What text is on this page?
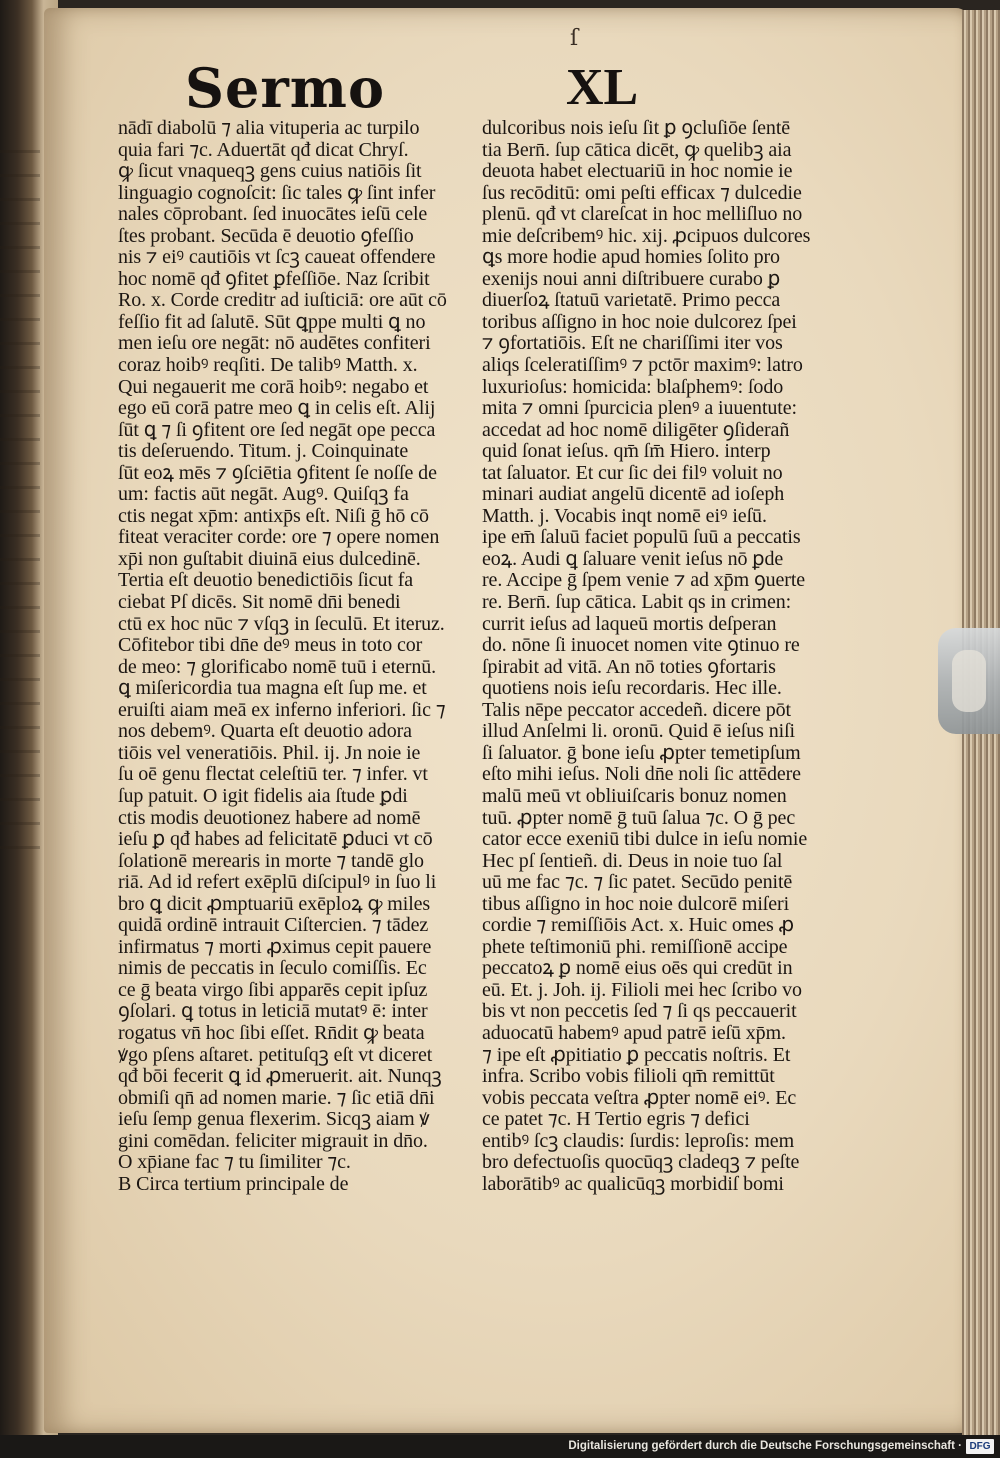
ſ
Sermo	XL
nādī diabolū ⁊ alia vituperia ac turpilo
quia fari ⁊c. Aduertāt qđ dicat Chryſ.
ꝙ ſicut vnaqueqꝫ gens cuius natiōis ſit
linguagio cognoſcit: ſic tales ꝙ ſint infer
nales cōprobant. ſed inuocātes ieſū cele
ſtes probant. Secūda ē deuotio ꝯfeſſio
nis ⁊ eiꝰ cautiōis vt ſcꝫ caueat offendere
hoc nomē qđ ꝯfitet ꝑfeſſiōe. Naz ſcribit
Ro. x. Corde creditr ad iuſticiā: ore aūt cō
feſſio fit ad ſalutē. Sūt ꝗppe multi ꝗ no
men ieſu ore negāt: nō audētes confiteri
coraz hoibꝰ reqſiti. De talibꝰ Matth. x.
Qui negauerit me corā hoibꝰ: negabo et
ego eū corā patre meo ꝗ in celis eſt. Alij
ſūt ꝗ ⁊ ſi ꝯfitent ore ſed negāt ope pecca
tis deſeruendo. Titum. j. Coinquinate
ſūt eoꝝ mēs ⁊ ꝯſciētia ꝯfitent ſe noſſe de
um: factis aūt negāt. Augꝰ. Quiſqꝫ fa
ctis negat xp̄m: antixp̄s eſt. Niſi ḡ hō cō
fiteat veraciter corde: ore ⁊ opere nomen
xp̄i non guſtabit diuinā eius dulcedinē.
Tertia eſt deuotio benedictiōis ſicut fa
ciebat Pſ dicēs. Sit nomē dn̄i benedi
ctū ex hoc nūc ⁊ vſqꝫ in ſeculū. Et iteruz.
Cōfitebor tibi dn̄e deꝰ meus in toto cor
de meo: ⁊ glorificabo nomē tuū i eternū.
ꝗ miſericordia tua magna eſt ſup me. et
eruiſti aiam meā ex inferno inferiori. ſic ⁊
nos debemꝰ. Quarta eſt deuotio adora
tiōis vel veneratiōis. Phil. ij. Jn noie ie
ſu oē genu flectat celeſtiū ter. ⁊ infer. vt
ſup patuit. O igit fidelis aia ſtude ꝑdi
ctis modis deuotionez habere ad nomē
ieſu ꝑ qđ habes ad felicitatē ꝑduci vt cō
ſolationē merearis in morte ⁊ tandē glo
riā. Ad id refert exēplū diſcipulꝰ in ſuo li
bro ꝗ dicit ꝓmptuariū exēploꝝ ꝙ miles
quidā ordinē intrauit Ciſtercien. ⁊ tādez
infirmatus ⁊ morti ꝓximus cepit pauere
nimis de peccatis in ſeculo comiſſis. Ec
ce ḡ beata virgo ſibi apparēs cepit ipſuz
ꝯſolari. ꝗ totus in leticiā mutatꝰ ē: inter
rogatus vn̄ hoc ſibi eſſet. Rn̄dit ꝙ beata
ꝟgo pſens aſtaret. petituſqꝫ eſt vt diceret
qđ bōi fecerit ꝗ id ꝓmeruerit. ait. Nunqꝫ
obmiſi qn̄ ad nomen marie. ⁊ ſic etiā dn̄i
ieſu ſemp genua flexerim. Sicqꝫ aiam ꝟ
gini comēdan. feliciter migrauit in dn̄o.
O xp̄iane fac ⁊ tu ſimiliter ⁊c.
B Circa tertium principale de
dulcoribus nois ieſu ſit ꝑ ꝯcluſiōe ſentē
tia Bern̄. ſup cātica dicēt, ꝙ quelibꝫ aia
deuota habet electuariū in hoc nomie ie
ſus recōditū: omi peſti efficax ⁊ dulcedie
plenū. qđ vt clareſcat in hoc melliſluo no
mie deſcribemꝰ hic. xij. ꝓcipuos dulcores
ꝗs more hodie apud homies ſolito pro
exenijs noui anni diſtribuere curabo ꝑ
diuerſoꝝ ſtatuū varietatē. Primo pecca
toribus aſſigno in hoc noie dulcorez ſpei
⁊ ꝯfortatiōis. Eſt ne chariſſimi iter vos
aliqs ſceleratiſſimꝰ ⁊ pctōr maximꝰ: latro
luxurioſus: homicida: blaſphemꝰ: ſodo
mita ⁊ omni ſpurcicia plenꝰ a iuuentute:
accedat ad hoc nomē diligēter ꝯſiderañ
quid ſonat ieſus. qm̄ ſm̄ Hiero. interp
tat ſaluator. Et cur ſic dei filꝰ voluit no
minari audiat angelū dicentē ad ioſeph
Matth. j. Vocabis inqt nomē eiꝰ ieſū.
ipe em̄ ſaluū faciet populū ſuū a peccatis
eoꝝ. Audi ꝗ ſaluare venit ieſus nō ꝑde
re. Accipe ḡ ſpem venie ⁊ ad xp̄m ꝯuerte
re. Bern̄. ſup cātica. Labit qs in crimen:
currit ieſus ad laqueū mortis deſperan
do. nōne ſi inuocet nomen vite ꝯtinuo re
ſpirabit ad vitā. An nō toties ꝯfortaris
quotiens nois ieſu recordaris. Hec ille.
Talis nēpe peccator accedeñ. dicere pōt
illud Anſelmi li. oronū. Quid ē ieſus niſi
ſi ſaluator. ḡ bone ieſu ꝓpter temetipſum
eſto mihi ieſus. Noli dn̄e noli ſic attēdere
malū meū vt obliuiſcaris bonuz nomen
tuū. ꝓpter nomē ḡ tuū ſalua ⁊c. O ḡ pec
cator ecce exeniū tibi dulce in ieſu nomie
Hec pſ ſentieñ. di. Deus in noie tuo ſal
uū me fac ⁊c. ⁊ ſic patet. Secūdo penitē
tibus aſſigno in hoc noie dulcorē miſeri
cordie ⁊ remiſſiōis Act. x. Huic omes ꝓ
phete teſtimoniū phi. remiſſionē accipe
peccatoꝝ ꝑ nomē eius oēs qui credūt in
eū. Et. j. Joh. ij. Filioli mei hec ſcribo vo
bis vt non peccetis ſed ⁊ ſi qs peccauerit
aduocatū habemꝰ apud patrē ieſū xp̄m.
⁊ ipe eſt ꝓpitiatio ꝑ peccatis noſtris. Et
infra. Scribo vobis filioli qm̄ remittūt
vobis peccata veſtra ꝓpter nomē eiꝰ. Ec
ce patet ⁊c. H Tertio egris ⁊ defici
entibꝰ ſcꝫ claudis: ſurdis: leproſis: mem
bro defectuoſis quocūqꝫ cladeqꝫ ⁊ peſte
laborātibꝰ ac qualicūqꝫ morbidiſ bomi
Digitalisierung gefördert durch die Deutsche Forschungsgemeinschaft · DFG
